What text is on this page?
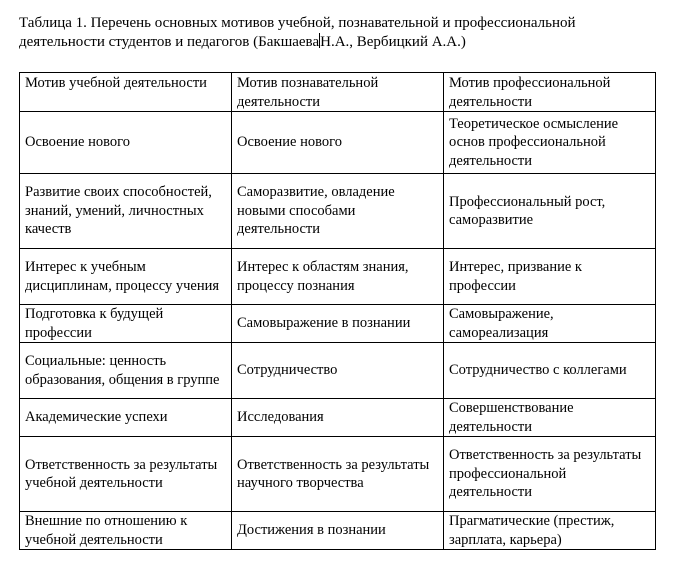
Таблица 1. Перечень основных мотивов учебной, познавательной и профессиональной деятельности студентов и педагогов (БакшаеваН.А., Вербицкий А.А.)

Мотив учебной деятельности	Мотив познавательной деятельности	Мотив профессиональной деятельности
Освоение нового	Освоение нового	Теоретическое осмысление основ профессиональной деятельности
Развитие своих способностей, знаний, умений, личностных качеств	Саморазвитие, овладение новыми способами деятельности	Профессиональный рост, саморазвитие
Интерес к учебным дисциплинам, процессу учения	Интерес к областям знания, процессу познания	Интерес, призвание к профессии
Подготовка к будущей профессии	Самовыражение в познании	Самовыражение, самореализация
Социальные: ценность образования, общения в группе	Сотрудничество	Сотрудничество с коллегами
Академические успехи	Исследования	Совершенствование деятельности
Ответственность за результаты учебной деятельности	Ответственность за результаты научного творчества	Ответственность за результаты профессиональной деятельности
Внешние по отношению к учебной деятельности	Достижения в познании	Прагматические (престиж, зарплата, карьера)
